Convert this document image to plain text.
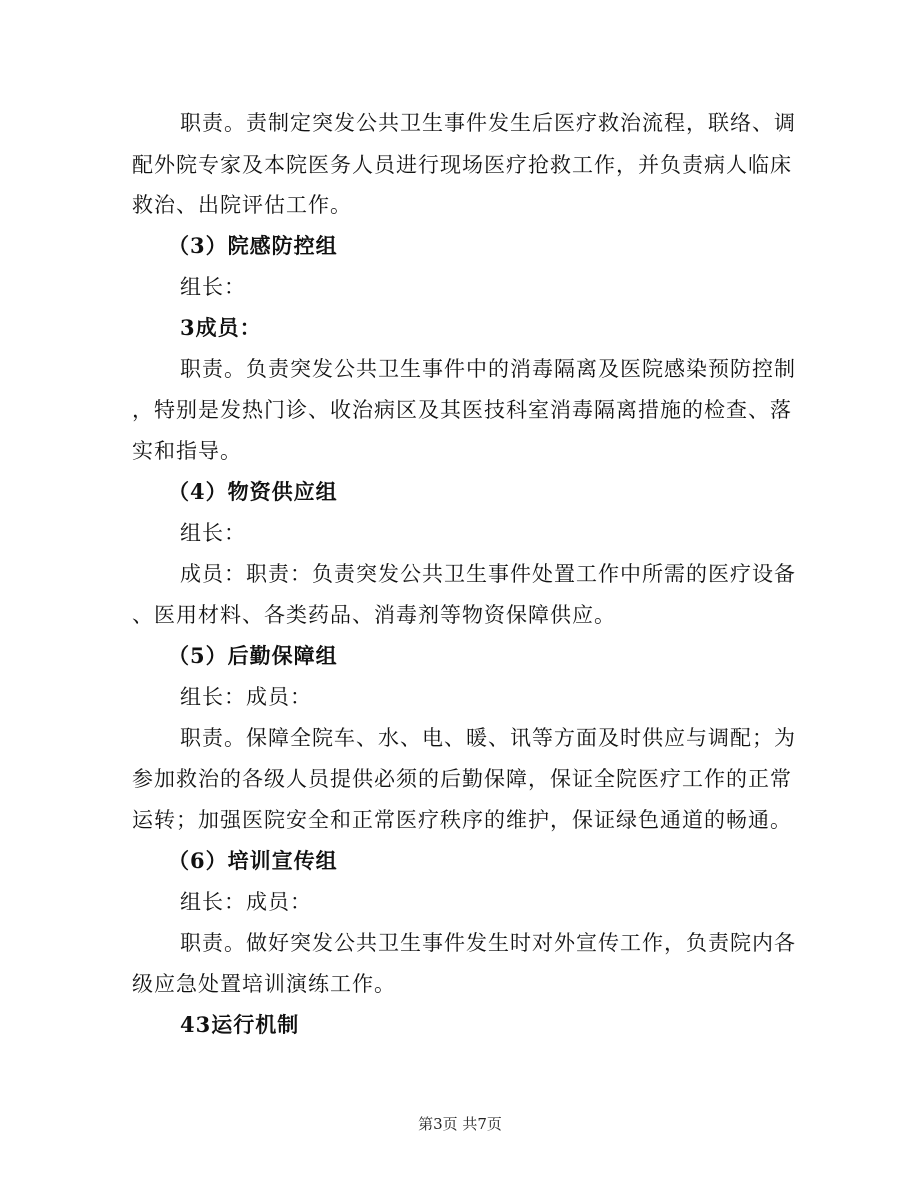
职责。责制定突发公共卫生事件发生后医疗救治流程，联络、调
配外院专家及本院医务人员进行现场医疗抢救工作，并负责病人临床
救治、出院评估工作。
（3）院感防控组
组长：
3成员：
职责。负责突发公共卫生事件中的消毒隔离及医院感染预防控制
，特别是发热门诊、收治病区及其医技科室消毒隔离措施的检查、落
实和指导。
（4）物资供应组
组长：
成员：职责：负责突发公共卫生事件处置工作中所需的医疗设备
、医用材料、各类药品、消毒剂等物资保障供应。
（5）后勤保障组
组长：成员：
职责。保障全院车、水、电、暖、讯等方面及时供应与调配；为
参加救治的各级人员提供必须的后勤保障，保证全院医疗工作的正常
运转；加强医院安全和正常医疗秩序的维护，保证绿色通道的畅通。
（6）培训宣传组
组长：成员：
职责。做好突发公共卫生事件发生时对外宣传工作，负责院内各
级应急处置培训演练工作。
43运行机制
第3页 共7页
